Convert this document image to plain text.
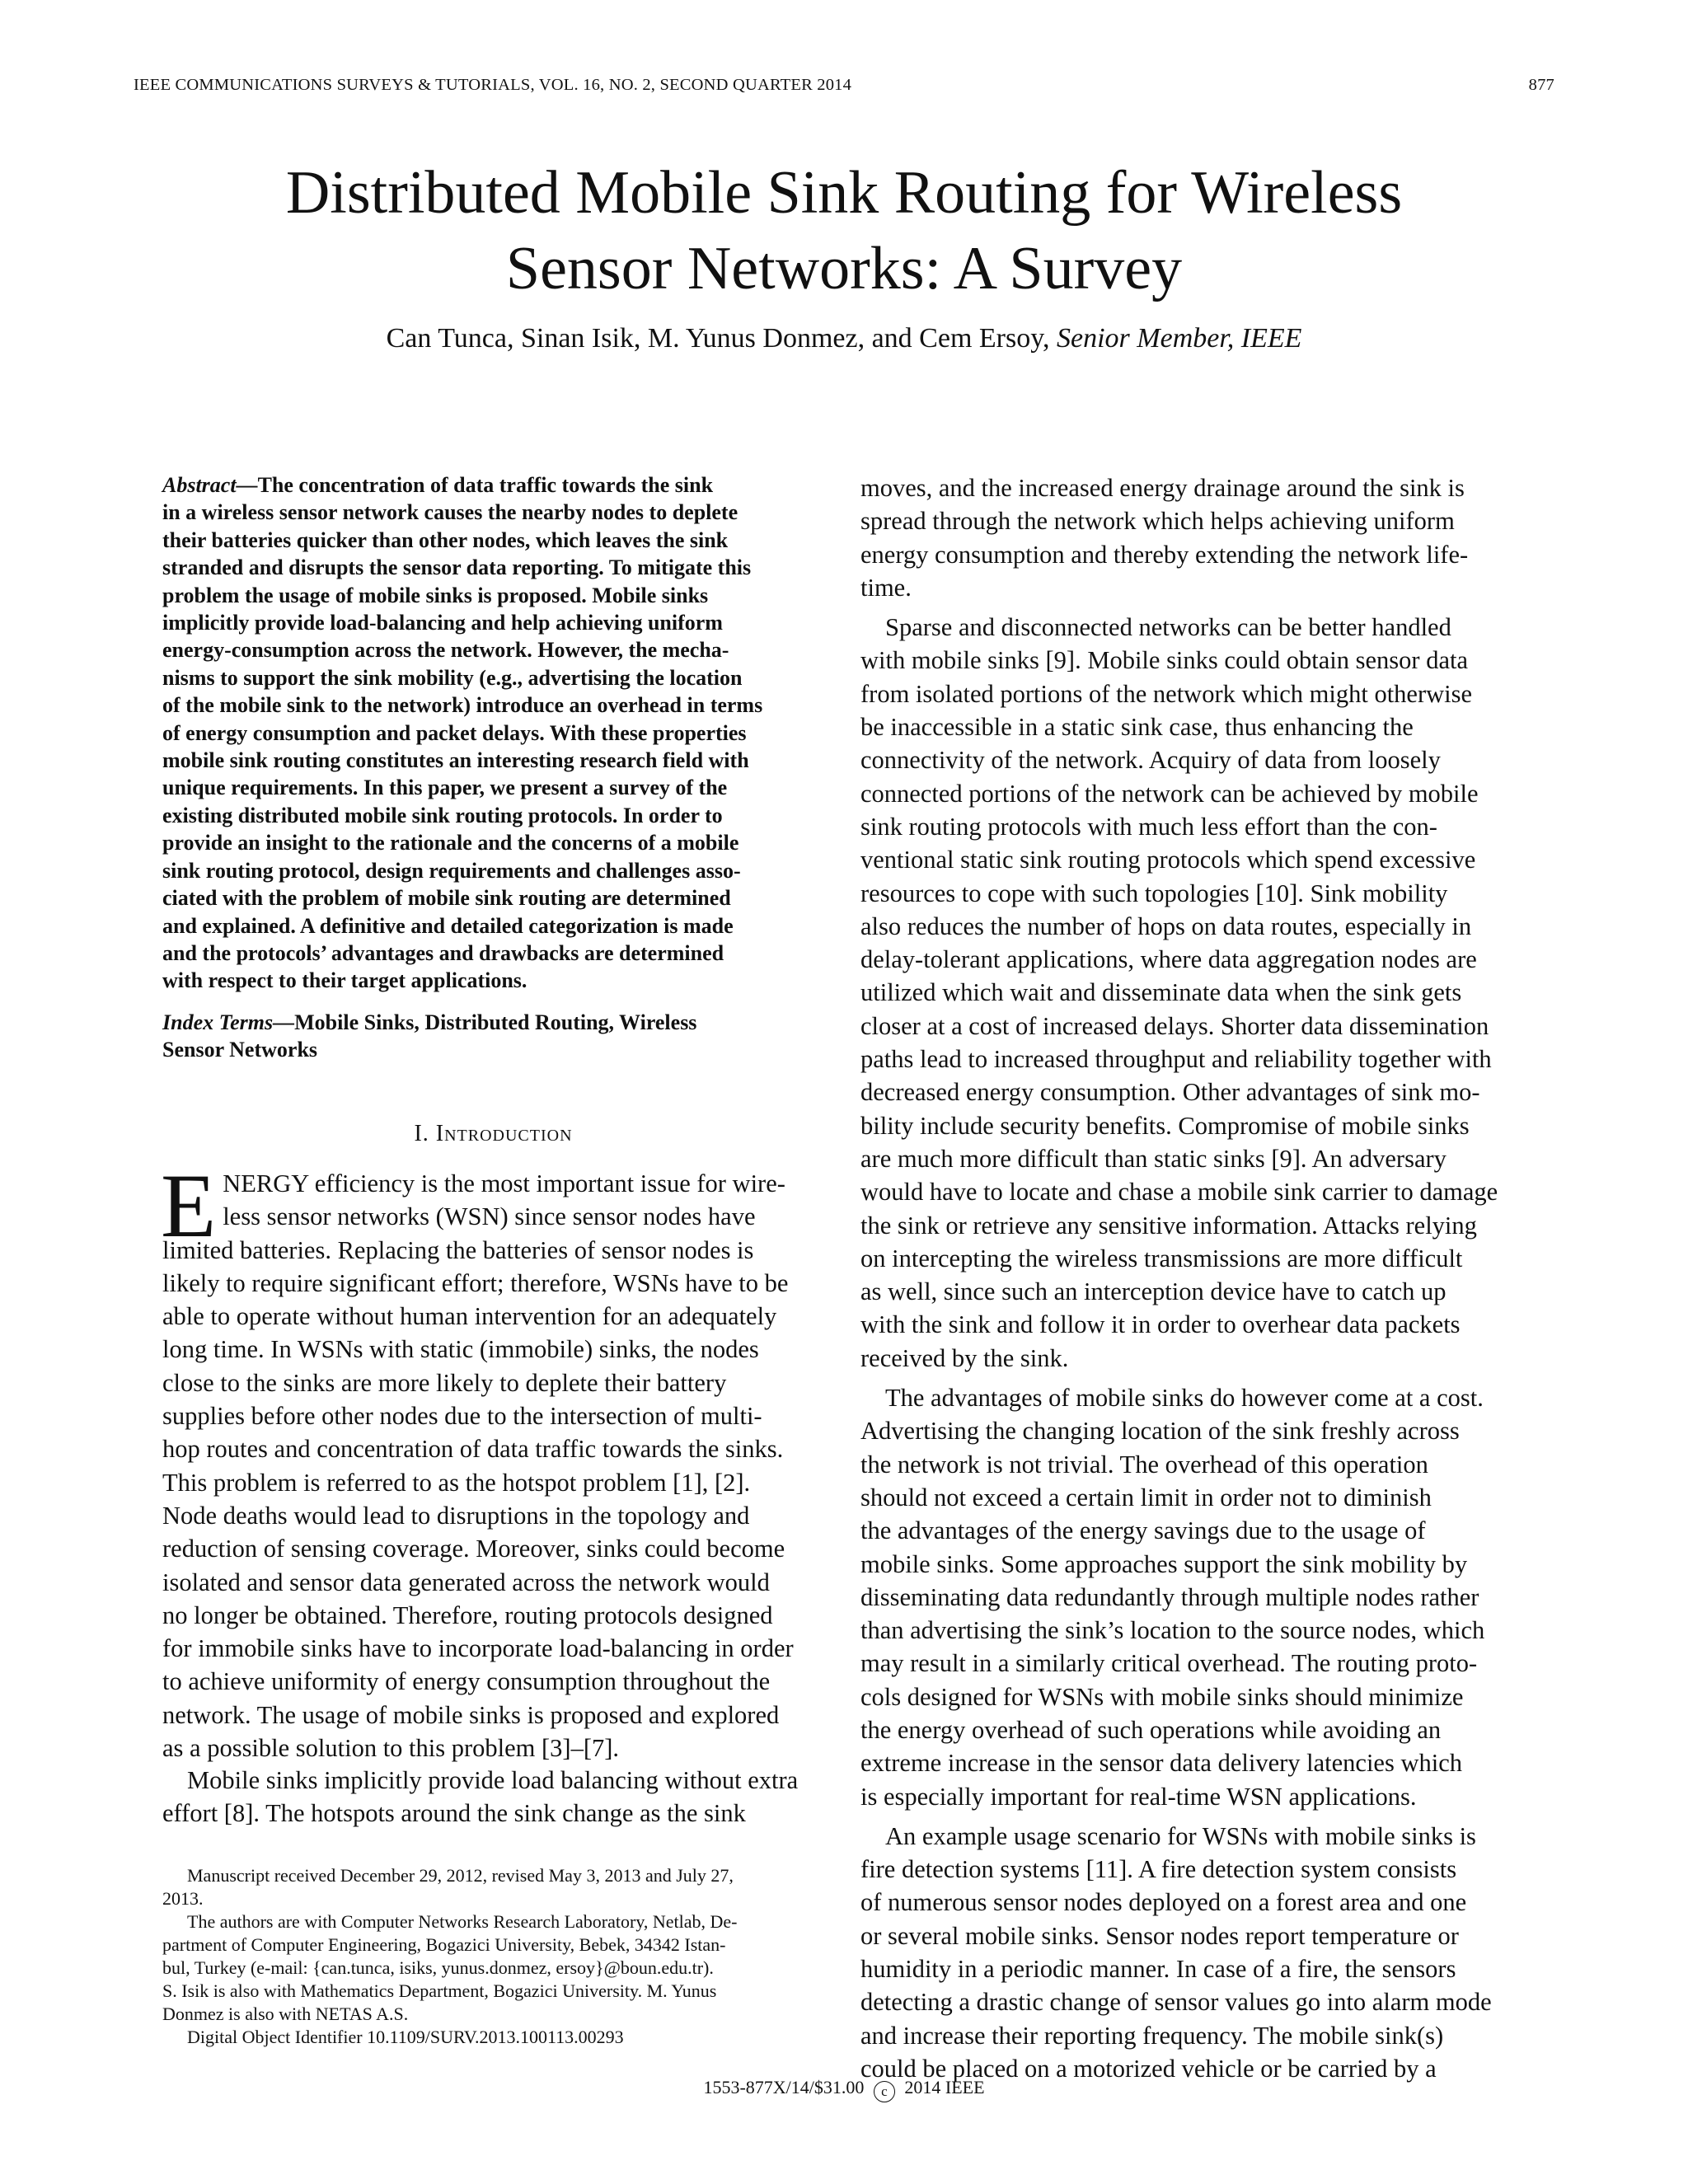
IEEE COMMUNICATIONS SURVEYS & TUTORIALS, VOL. 16, NO. 2, SECOND QUARTER 2014	877
Distributed Mobile Sink Routing for Wireless
Sensor Networks: A Survey
Can Tunca, Sinan Isik, M. Yunus Donmez, and Cem Ersoy, Senior Member, IEEE
Abstract—The concentration of data traffic towards the sink
in a wireless sensor network causes the nearby nodes to deplete
their batteries quicker than other nodes, which leaves the sink
stranded and disrupts the sensor data reporting. To mitigate this
problem the usage of mobile sinks is proposed. Mobile sinks
implicitly provide load-balancing and help achieving uniform
energy-consumption across the network. However, the mecha-
nisms to support the sink mobility (e.g., advertising the location
of the mobile sink to the network) introduce an overhead in terms
of energy consumption and packet delays. With these properties
mobile sink routing constitutes an interesting research field with
unique requirements. In this paper, we present a survey of the
existing distributed mobile sink routing protocols. In order to
provide an insight to the rationale and the concerns of a mobile
sink routing protocol, design requirements and challenges asso-
ciated with the problem of mobile sink routing are determined
and explained. A definitive and detailed categorization is made
and the protocols’ advantages and drawbacks are determined
with respect to their target applications.
Index Terms—Mobile Sinks, Distributed Routing, Wireless
Sensor Networks
I. Introduction
E NERGY efficiency is the most important issue for wire-
less sensor networks (WSN) since sensor nodes have
limited batteries. Replacing the batteries of sensor nodes is
likely to require significant effort; therefore, WSNs have to be
able to operate without human intervention for an adequately
long time. In WSNs with static (immobile) sinks, the nodes
close to the sinks are more likely to deplete their battery
supplies before other nodes due to the intersection of multi-
hop routes and concentration of data traffic towards the sinks.
This problem is referred to as the hotspot problem [1], [2].
Node deaths would lead to disruptions in the topology and
reduction of sensing coverage. Moreover, sinks could become
isolated and sensor data generated across the network would
no longer be obtained. Therefore, routing protocols designed
for immobile sinks have to incorporate load-balancing in order
to achieve uniformity of energy consumption throughout the
network. The usage of mobile sinks is proposed and explored
as a possible solution to this problem [3]–[7].
Mobile sinks implicitly provide load balancing without extra
effort [8]. The hotspots around the sink change as the sink
Manuscript received December 29, 2012, revised May 3, 2013 and July 27,
2013.
The authors are with Computer Networks Research Laboratory, Netlab, De-
partment of Computer Engineering, Bogazici University, Bebek, 34342 Istan-
bul, Turkey (e-mail: {can.tunca, isiks, yunus.donmez, ersoy}@boun.edu.tr).
S. Isik is also with Mathematics Department, Bogazici University. M. Yunus
Donmez is also with NETAS A.S.
Digital Object Identifier 10.1109/SURV.2013.100113.00293
moves, and the increased energy drainage around the sink is
spread through the network which helps achieving uniform
energy consumption and thereby extending the network life-
time.
Sparse and disconnected networks can be better handled
with mobile sinks [9]. Mobile sinks could obtain sensor data
from isolated portions of the network which might otherwise
be inaccessible in a static sink case, thus enhancing the
connectivity of the network. Acquiry of data from loosely
connected portions of the network can be achieved by mobile
sink routing protocols with much less effort than the con-
ventional static sink routing protocols which spend excessive
resources to cope with such topologies [10]. Sink mobility
also reduces the number of hops on data routes, especially in
delay-tolerant applications, where data aggregation nodes are
utilized which wait and disseminate data when the sink gets
closer at a cost of increased delays. Shorter data dissemination
paths lead to increased throughput and reliability together with
decreased energy consumption. Other advantages of sink mo-
bility include security benefits. Compromise of mobile sinks
are much more difficult than static sinks [9]. An adversary
would have to locate and chase a mobile sink carrier to damage
the sink or retrieve any sensitive information. Attacks relying
on intercepting the wireless transmissions are more difficult
as well, since such an interception device have to catch up
with the sink and follow it in order to overhear data packets
received by the sink.
The advantages of mobile sinks do however come at a cost.
Advertising the changing location of the sink freshly across
the network is not trivial. The overhead of this operation
should not exceed a certain limit in order not to diminish
the advantages of the energy savings due to the usage of
mobile sinks. Some approaches support the sink mobility by
disseminating data redundantly through multiple nodes rather
than advertising the sink’s location to the source nodes, which
may result in a similarly critical overhead. The routing proto-
cols designed for WSNs with mobile sinks should minimize
the energy overhead of such operations while avoiding an
extreme increase in the sensor data delivery latencies which
is especially important for real-time WSN applications.
An example usage scenario for WSNs with mobile sinks is
fire detection systems [11]. A fire detection system consists
of numerous sensor nodes deployed on a forest area and one
or several mobile sinks. Sensor nodes report temperature or
humidity in a periodic manner. In case of a fire, the sensors
detecting a drastic change of sensor values go into alarm mode
and increase their reporting frequency. The mobile sink(s)
could be placed on a motorized vehicle or be carried by a
1553-877X/14/$31.00 c 2014 IEEE
